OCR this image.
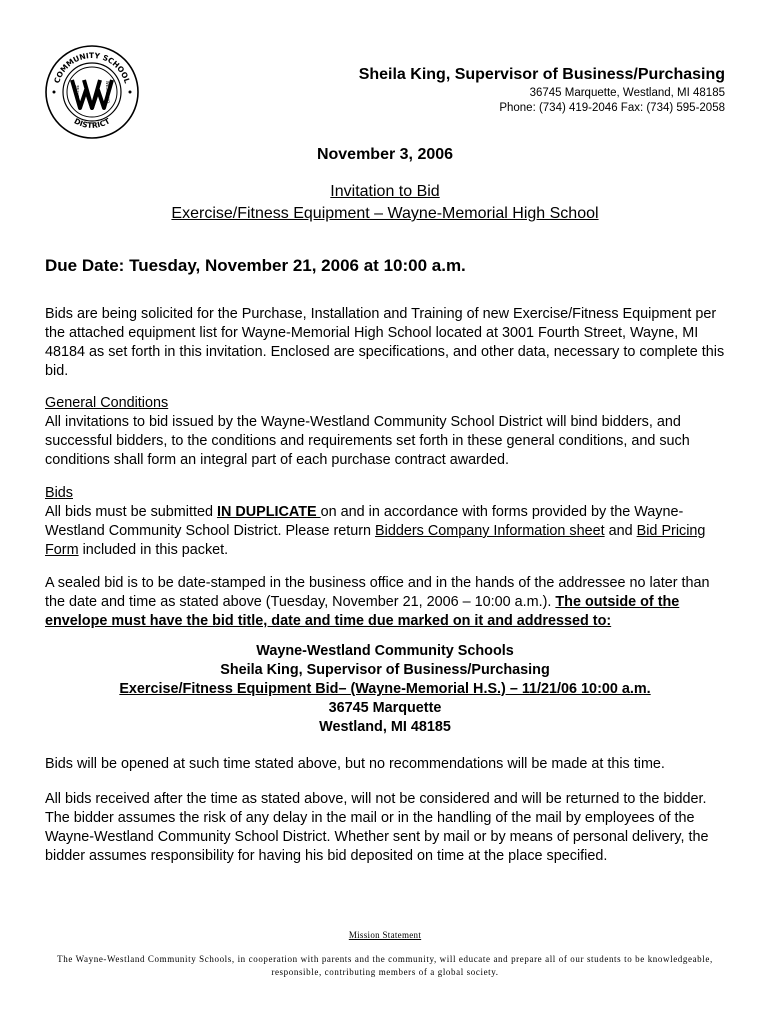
COMMUNITY SCHOOL
DISTRICT
WAYNE	WESTLAND
Sheila King, Supervisor of Business/Purchasing
36745 Marquette, Westland, MI 48185
Phone: (734) 419-2046 Fax: (734) 595-2058
November 3, 2006
Invitation to Bid
Exercise/Fitness Equipment – Wayne-Memorial High School
Due Date: Tuesday, November 21, 2006 at 10:00 a.m.
Bids are being solicited for the Purchase, Installation and Training of new Exercise/Fitness Equipment per the attached equipment list for Wayne-Memorial High School located at 3001 Fourth Street, Wayne, MI 48184 as set forth in this invitation. Enclosed are specifications, and other data, necessary to complete this bid.
General Conditions
All invitations to bid issued by the Wayne-Westland Community School District will bind bidders, and successful bidders, to the conditions and requirements set forth in these general conditions, and such conditions shall form an integral part of each purchase contract awarded.
Bids
All bids must be submitted IN DUPLICATE on and in accordance with forms provided by the Wayne-Westland Community School District. Please return Bidders Company Information sheet and Bid Pricing Form included in this packet.
A sealed bid is to be date-stamped in the business office and in the hands of the addressee no later than the date and time as stated above (Tuesday, November 21, 2006 – 10:00 a.m.). The outside of the envelope must have the bid title, date and time due marked on it and addressed to:
Wayne-Westland Community Schools
Sheila King, Supervisor of Business/Purchasing
Exercise/Fitness Equipment Bid– (Wayne-Memorial H.S.) – 11/21/06 10:00 a.m.
36745 Marquette
Westland, MI 48185
Bids will be opened at such time stated above, but no recommendations will be made at this time.
All bids received after the time as stated above, will not be considered and will be returned to the bidder. The bidder assumes the risk of any delay in the mail or in the handling of the mail by employees of the Wayne-Westland Community School District. Whether sent by mail or by means of personal delivery, the bidder assumes responsibility for having his bid deposited on time at the place specified.
Mission Statement
The Wayne-Westland Community Schools, in cooperation with parents and the community, will educate and prepare all of our students to be knowledgeable, responsible, contributing members of a global society.
